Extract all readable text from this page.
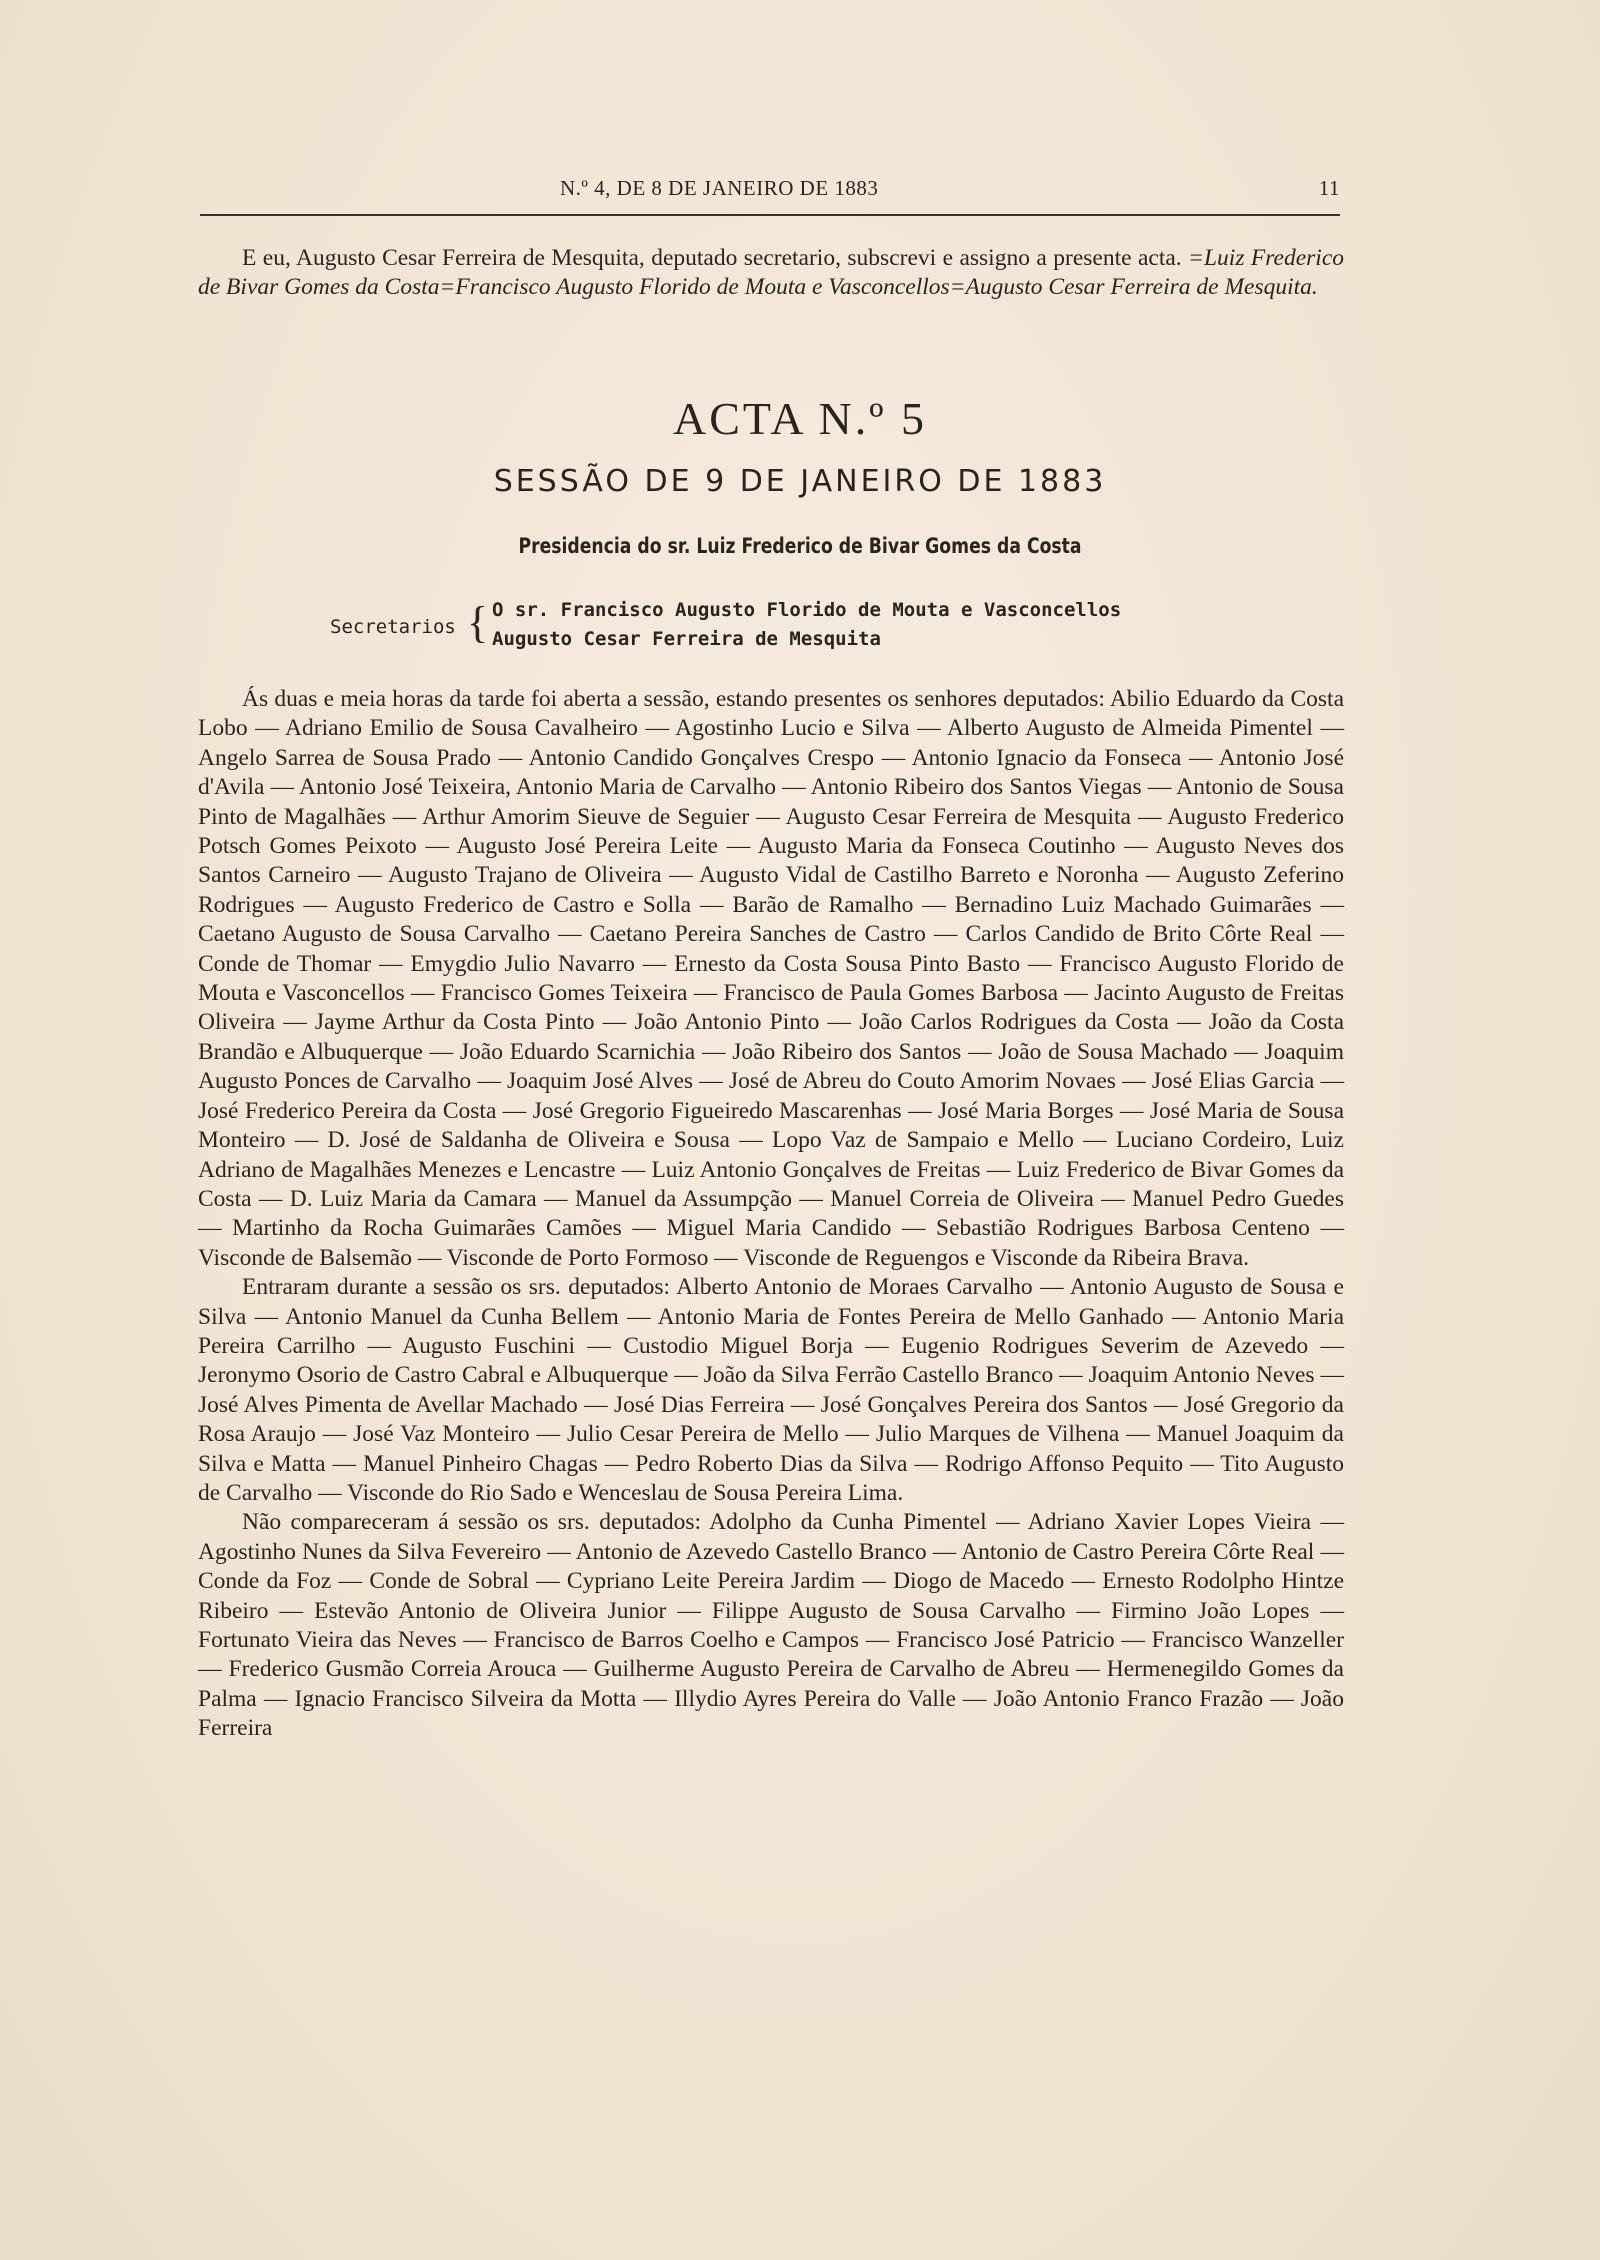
N.º 4, DE 8 DE JANEIRO DE 1883	11
E eu, Augusto Cesar Ferreira de Mesquita, deputado secretario, subscrevi e assigno a presente acta. =Luiz Frederico de Bivar Gomes da Costa=Francisco Augusto Florido de Mouta e Vasconcellos=Augusto Cesar Ferreira de Mesquita.
ACTA N.º 5
SESSÃO DE 9 DE JANEIRO DE 1883
Presidencia do sr. Luiz Frederico de Bivar Gomes da Costa
Secretarios { O sr. Francisco Augusto Florido de Mouta e Vasconcellos
Augusto Cesar Ferreira de Mesquita

Ás duas e meia horas da tarde foi aberta a sessão, estando presentes os senhores deputados: Abilio Eduardo da Costa Lobo — Adriano Emilio de Sousa Cavalheiro — Agostinho Lucio e Silva — Alberto Augusto de Almeida Pimentel — Angelo Sarrea de Sousa Prado — Antonio Candido Gonçalves Crespo — Antonio Ignacio da Fonseca — Antonio José d'Avila — Antonio José Teixeira, Antonio Maria de Carvalho — Antonio Ribeiro dos Santos Viegas — Antonio de Sousa Pinto de Magalhães — Arthur Amorim Sieuve de Seguier — Augusto Cesar Ferreira de Mesquita — Augusto Frederico Potsch Gomes Peixoto — Augusto José Pereira Leite — Augusto Maria da Fonseca Coutinho — Augusto Neves dos Santos Carneiro — Augusto Trajano de Oliveira — Augusto Vidal de Castilho Barreto e Noronha — Augusto Zeferino Rodrigues — Augusto Frederico de Castro e Solla — Barão de Ramalho — Bernadino Luiz Machado Guimarães — Caetano Augusto de Sousa Carvalho — Caetano Pereira Sanches de Castro — Carlos Candido de Brito Côrte Real — Conde de Thomar — Emygdio Julio Navarro — Ernesto da Costa Sousa Pinto Basto — Francisco Augusto Florido de Mouta e Vasconcellos — Francisco Gomes Teixeira — Francisco de Paula Gomes Barbosa — Jacinto Augusto de Freitas Oliveira — Jayme Arthur da Costa Pinto — João Antonio Pinto — João Carlos Rodrigues da Costa — João da Costa Brandão e Albuquerque — João Eduardo Scarnichia — João Ribeiro dos Santos — João de Sousa Machado — Joaquim Augusto Ponces de Carvalho — Joaquim José Alves — José de Abreu do Couto Amorim Novaes — José Elias Garcia — José Frederico Pereira da Costa — José Gregorio Figueiredo Mascarenhas — José Maria Borges — José Maria de Sousa Monteiro — D. José de Saldanha de Oliveira e Sousa — Lopo Vaz de Sampaio e Mello — Luciano Cordeiro, Luiz Adriano de Magalhães Menezes e Lencastre — Luiz Antonio Gonçalves de Freitas — Luiz Frederico de Bivar Gomes da Costa — D. Luiz Maria da Camara — Manuel da Assumpção — Manuel Correia de Oliveira — Manuel Pedro Guedes — Martinho da Rocha Guimarães Camões — Miguel Maria Candido — Sebastião Rodrigues Barbosa Centeno — Visconde de Balsemão — Visconde de Porto Formoso — Visconde de Reguengos e Visconde da Ribeira Brava.

Entraram durante a sessão os srs. deputados: Alberto Antonio de Moraes Carvalho — Antonio Augusto de Sousa e Silva — Antonio Manuel da Cunha Bellem — Antonio Maria de Fontes Pereira de Mello Ganhado — Antonio Maria Pereira Carrilho — Augusto Fuschini — Custodio Miguel Borja — Eugenio Rodrigues Severim de Azevedo — Jeronymo Osorio de Castro Cabral e Albuquerque — João da Silva Ferrão Castello Branco — Joaquim Antonio Neves — José Alves Pimenta de Avellar Machado — José Dias Ferreira — José Gonçalves Pereira dos Santos — José Gregorio da Rosa Araujo — José Vaz Monteiro — Julio Cesar Pereira de Mello — Julio Marques de Vilhena — Manuel Joaquim da Silva e Matta — Manuel Pinheiro Chagas — Pedro Roberto Dias da Silva — Rodrigo Affonso Pequito — Tito Augusto de Carvalho — Visconde do Rio Sado e Wenceslau de Sousa Pereira Lima.

Não compareceram á sessão os srs. deputados: Adolpho da Cunha Pimentel — Adriano Xavier Lopes Vieira — Agostinho Nunes da Silva Fevereiro — Antonio de Azevedo Castello Branco — Antonio de Castro Pereira Côrte Real — Conde da Foz — Conde de Sobral — Cypriano Leite Pereira Jardim — Diogo de Macedo — Ernesto Rodolpho Hintze Ribeiro — Estevão Antonio de Oliveira Junior — Filippe Augusto de Sousa Carvalho — Firmino João Lopes — Fortunato Vieira das Neves — Francisco de Barros Coelho e Campos — Francisco José Patricio — Francisco Wanzeller — Frederico Gusmão Correia Arouca — Guilherme Augusto Pereira de Carvalho de Abreu — Hermenegildo Gomes da Palma — Ignacio Francisco Silveira da Motta — Illydio Ayres Pereira do Valle — João Antonio Franco Frazão — João Ferreira
